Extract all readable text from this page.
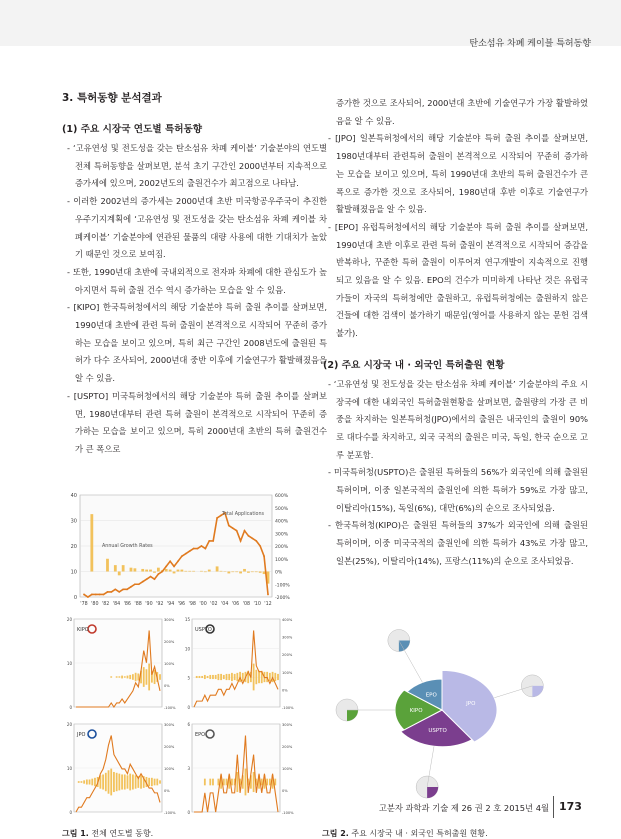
탄소섬유 차폐 케이블 특허동향
3. 특허동향 분석결과
(1) 주요 시장국 연도별 특허동향

- ‘고유연성 및 전도성을 갖는 탄소섬유 차폐 케이블’ 기술분야의 연도별 전체 특허동향을 살펴보면, 분석 초기 구간인 2000년부터 지속적으로 증가세에 있으며, 2002년도의 출원건수가 최고점으로 나타남.

- 이러한 2002년의 증가세는 2000년대 초반 미국항공우주국이 추진한 우주기지계획에 ‘고유연성 및 전도성을 갖는 탄소섬유 차폐 케이블 차폐케이블’ 기술분야에 연관된 물품의 대량 사용에 대한 기대치가 높았기 때문인 것으로 보여짐.

- 또한, 1990년대 초반에 국내외적으로 전자파 차폐에 대한 관심도가 높아지면서 특허 출원 건수 역시 증가하는 모습을 알 수 있음.

- [KIPO] 한국특허청에서의 해당 기술분야 특허 출원 추이를 살펴보면, 1990년대 초반에 관련 특허 출원이 본격적으로 시작되어 꾸준히 증가하는 모습을 보이고 있으며, 특히 최근 구간인 2008년도에 출원된 특허가 다수 조사되어, 2000년대 중반 이후에 기술연구가 활발해졌음을 알 수 있음.

- [USPTO] 미국특허청에서의 해당 기술분야 특허 출원 추이를 살펴보면, 1980년대부터 관련 특허 출원이 본격적으로 시작되어 꾸준히 증가하는 모습을 보이고 있으며, 특히 2000년대 초반의 특허 출원건수가 큰 폭으로

증가한 것으로 조사되어, 2000년대 초반에 기술연구가 가장 활발하였음을 알 수 있음.

- [JPO] 일본특허청에서의 해당 기술분야 특허 출원 추이를 살펴보면, 1980년대부터 관련특허 출원이 본격적으로 시작되어 꾸준히 증가하는 모습을 보이고 있으며, 특히 1990년대 초반의 특허 출원건수가 큰 폭으로 증가한 것으로 조사되어, 1980년대 후반 이후로 기술연구가 활발해졌음을 알 수 있음.

- [EPO] 유럽특허청에서의 해당 기술분야 특허 출원 추이를 살펴보면, 1990년대 초반 이후로 관련 특허 출원이 본격적으로 시작되어 증감을 반복하나, 꾸준한 특허 출원이 이루어져 연구개발이 지속적으로 진행되고 있음을 알 수 있음. EPO의 건수가 미미하게 나타난 것은 유럽국가들이 자국의 특허청에만 출원하고, 유럽특허청에는 출원하지 않은 건들에 대한 검색이 불가하기 때문임(영어를 사용하지 않는 문헌 검색 불가).

(2) 주요 시장국 내 · 외국인 특허출원 현황

- ‘고유연성 및 전도성을 갖는 탄소섬유 차폐 케이블’ 기술분야의 주요 시장국에 대한 내외국인 특허출원현황을 살펴보면, 출원량의 가장 큰 비중을 차지하는 일본특허청(JPO)에서의 출원은 내국인의 출원이 90%로 대다수를 차지하고, 외국 국적의 출원은 미국, 독일, 한국 순으로 고루 분포함.

- 미국특허청(USPTO)은 출원된 특허들의 56%가 외국인에 의해 출원된 특허이며, 이중 일본국적의 출원인에 의한 특허가 59%로 가장 많고, 이탈리아(15%), 독일(6%), 대만(6%)의 순으로 조사되었음.

- 한국특허청(KIPO)은 출원된 특허들의 37%가 외국인에 의해 출원된 특허이며, 이중 미국국적의 출원인에 의한 특허가 43%로 가장 많고, 일본(25%), 이탈리아(14%), 프랑스(11%)의 순으로 조사되었음.

0
10
20
30
40
-200%
-100%
0%
100%
200%
300%
400%
500%
600%
'78 '80 '82 '84 '86 '88 '90 '92 '94 '96 '98 '00 '02 '04 '06 '08 '10 '12
Total Applications
Annual Growth Rates
0
10
20
-100%
0%
100%
200%
300%
KIPO
0
5
10
15
-100%
0%
100%
200%
300%
400%
USPTO
0
10
20
-100%
0%
100%
200%
300%
JPO
0
3
6
-100%
0%
100%
200%
300%
EPO
JPO
USPTO
KIPO
EPO
그림 1. 전체 연도별 동향.	그림 2. 주요 시장국 내 · 외국인 특허출원 현황.
고분자 과학과 기술 제 26 권 2 호 2015년 4월 173
